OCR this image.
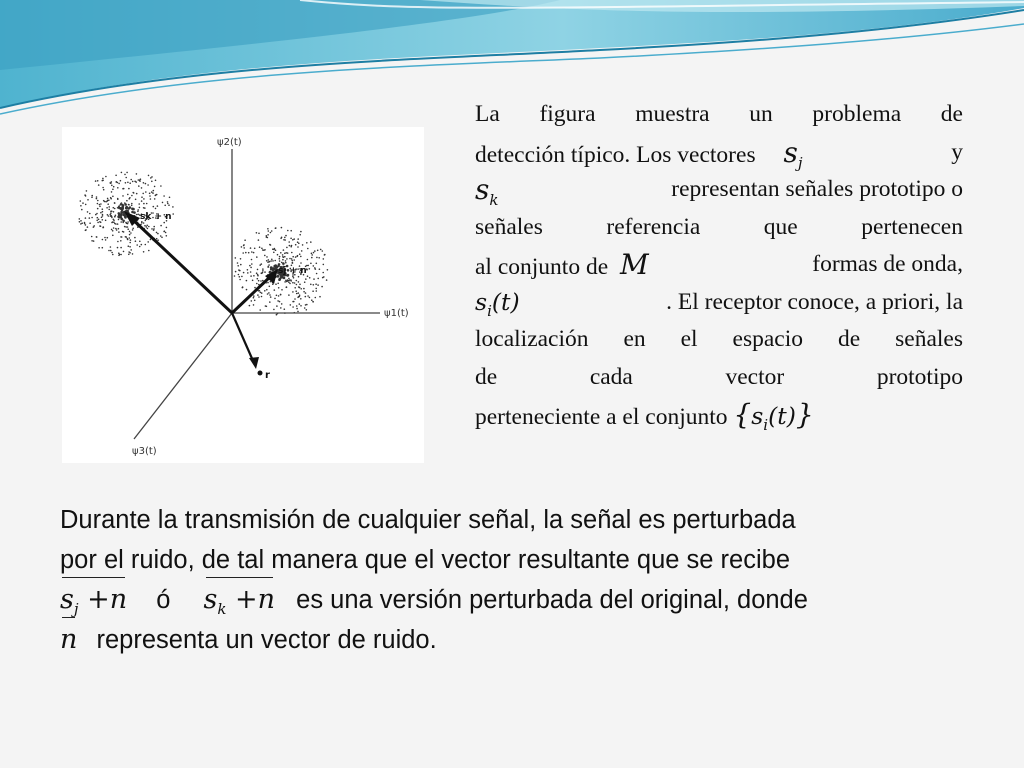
ψ2(t)
ψ1(t)
ψ3(t)
sk + n
sj + n
r
La figura muestra un problema de
detección típico. Los vectores $s_j$	y
$s_k$	representan señales prototipo o
señales referencia que pertenecen
al conjunto de M	formas de onda,
$s_i(t)$	. El receptor conoce, a priori, la
localización en el espacio de señales
de	cada	vector	prototipo
perteneciente a el conjunto $\{s_i(t)\}$
Durante la transmisión de cualquier señal, la señal es perturbada
por el ruido, de tal manera que el vector resultante que se recibe
$s_j +n$ ó $s_k +n$ es una versión perturbada del original, donde
n representa un vector de ruido.
